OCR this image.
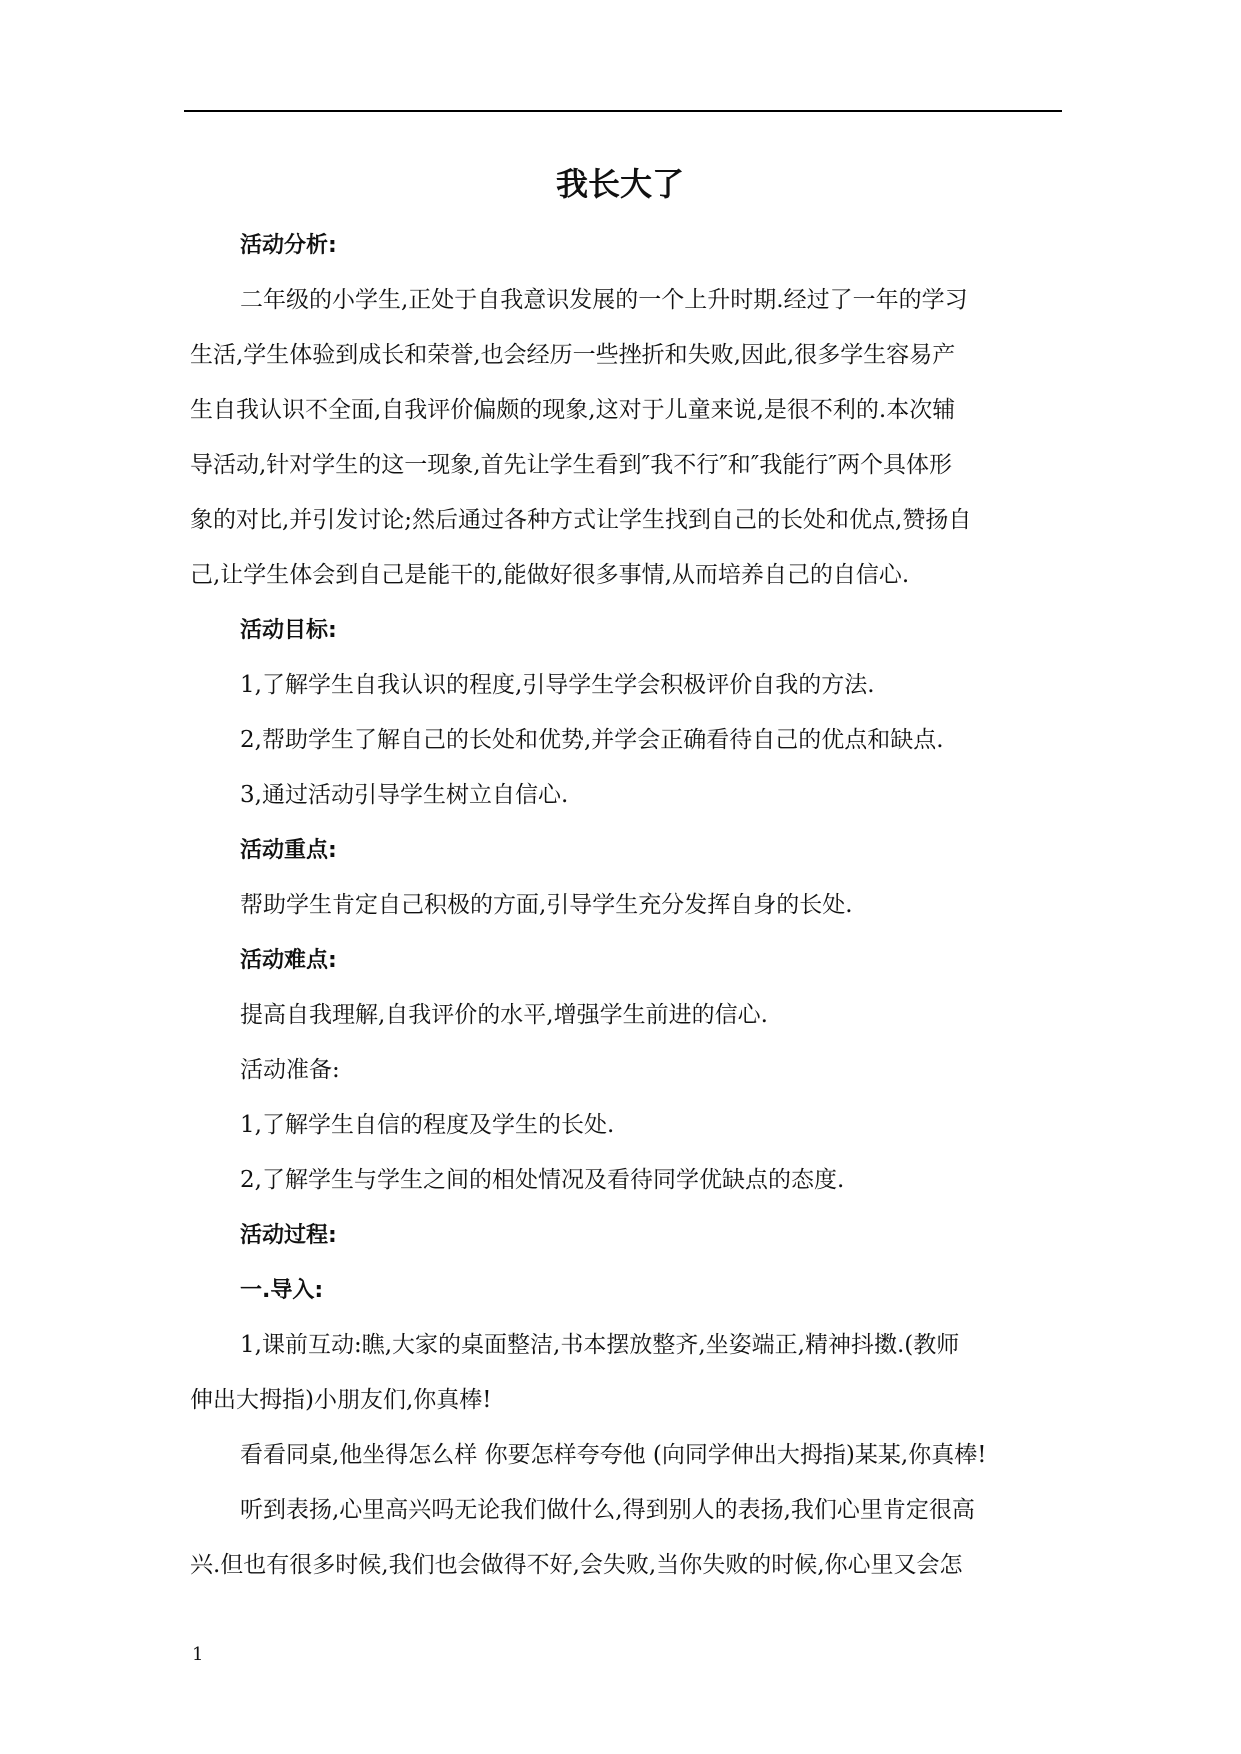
我长大了

活动分析:

二年级的小学生,正处于自我意识发展的一个上升时期.经过了一年的学习

生活,学生体验到成长和荣誉,也会经历一些挫折和失败,因此,很多学生容易产

生自我认识不全面,自我评价偏颇的现象,这对于儿童来说,是很不利的.本次辅

导活动,针对学生的这一现象,首先让学生看到″我不行″和″我能行″两个具体形

象的对比,并引发讨论;然后通过各种方式让学生找到自己的长处和优点,赞扬自

己,让学生体会到自己是能干的,能做好很多事情,从而培养自己的自信心.

活动目标:

1,了解学生自我认识的程度,引导学生学会积极评价自我的方法.

2,帮助学生了解自己的长处和优势,并学会正确看待自己的优点和缺点.

3,通过活动引导学生树立自信心.

活动重点:

帮助学生肯定自己积极的方面,引导学生充分发挥自身的长处.

活动难点:

提高自我理解,自我评价的水平,增强学生前进的信心.

活动准备:

1,了解学生自信的程度及学生的长处.

2,了解学生与学生之间的相处情况及看待同学优缺点的态度.

活动过程:

一.导入:

1,课前互动:瞧,大家的桌面整洁,书本摆放整齐,坐姿端正,精神抖擞.(教师

伸出大拇指)小朋友们,你真棒!

看看同桌,他坐得怎么样 你要怎样夸夸他 (向同学伸出大拇指)某某,你真棒!

听到表扬,心里高兴吗无论我们做什么,得到别人的表扬,我们心里肯定很高

兴.但也有很多时候,我们也会做得不好,会失败,当你失败的时候,你心里又会怎

1
